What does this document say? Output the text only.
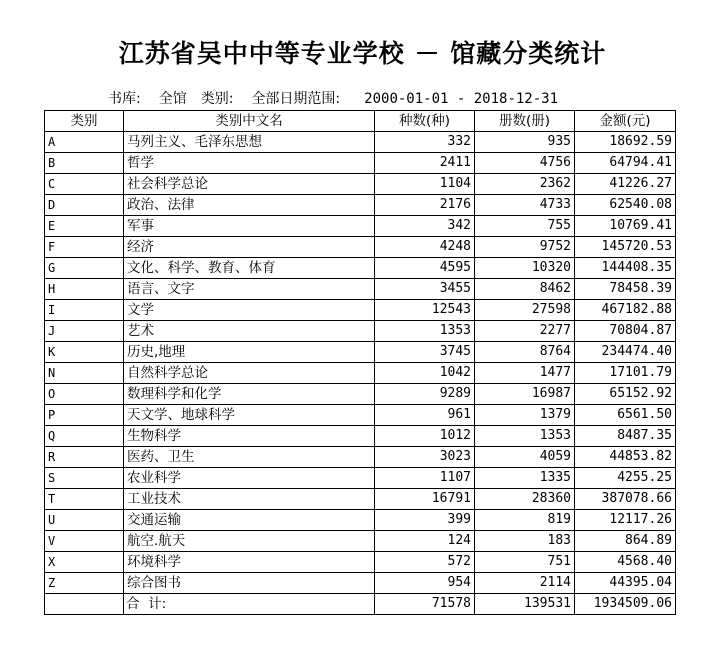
江苏省吴中中等专业学校 － 馆藏分类统计
书库: 全馆 类别: 全部日期范围: 2000-01-01 - 2018-12-31
类别	类别中文名	种数(种)	册数(册)	金额(元)
A	马列主义、毛泽东思想	332	935	18692.59
B	哲学	2411	4756	64794.41
C	社会科学总论	1104	2362	41226.27
D	政治、法律	2176	4733	62540.08
E	军事	342	755	10769.41
F	经济	4248	9752	145720.53
G	文化、科学、教育、体育	4595	10320	144408.35
H	语言、文字	3455	8462	78458.39
I	文学	12543	27598	467182.88
J	艺术	1353	2277	70804.87
K	历史,地理	3745	8764	234474.40
N	自然科学总论	1042	1477	17101.79
O	数理科学和化学	9289	16987	65152.92
P	天文学、地球科学	961	1379	6561.50
Q	生物科学	1012	1353	8487.35
R	医药、卫生	3023	4059	44853.82
S	农业科学	1107	1335	4255.25
T	工业技术	16791	28360	387078.66
U	交通运输	399	819	12117.26
V	航空.航天	124	183	864.89
X	环境科学	572	751	4568.40
Z	综合图书	954	2114	44395.04
	合  计:	71578	139531	1934509.06
